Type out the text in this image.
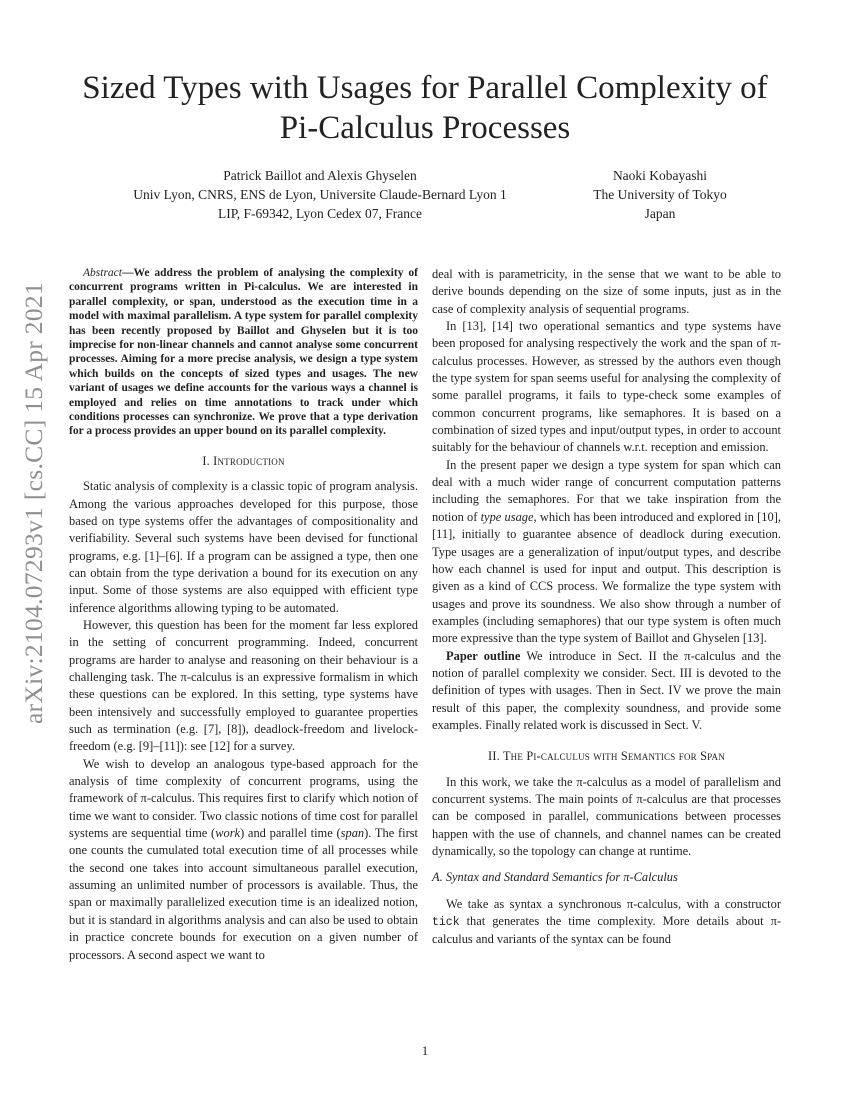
Sized Types with Usages for Parallel Complexity of Pi-Calculus Processes
Patrick Baillot and Alexis Ghyselen
Univ Lyon, CNRS, ENS de Lyon, Universite Claude-Bernard Lyon 1
LIP, F-69342, Lyon Cedex 07, France
Naoki Kobayashi
The University of Tokyo
Japan
arXiv:2104.07293v1 [cs.CC] 15 Apr 2021

Abstract—We address the problem of analysing the complexity of concurrent programs written in Pi-calculus. We are interested in parallel complexity, or span, understood as the execution time in a model with maximal parallelism. A type system for parallel complexity has been recently proposed by Baillot and Ghyselen but it is too imprecise for non-linear channels and cannot analyse some concurrent processes. Aiming for a more precise analysis, we design a type system which builds on the concepts of sized types and usages. The new variant of usages we define accounts for the various ways a channel is employed and relies on time annotations to track under which conditions processes can synchronize. We prove that a type derivation for a process provides an upper bound on its parallel complexity.

I. Introduction

Static analysis of complexity is a classic topic of program analysis. Among the various approaches developed for this purpose, those based on type systems offer the advantages of compositionality and verifiability. Several such systems have been devised for functional programs, e.g. [1]–[6]. If a program can be assigned a type, then one can obtain from the type derivation a bound for its execution on any input. Some of those systems are also equipped with efficient type inference algorithms allowing typing to be automated.

However, this question has been for the moment far less explored in the setting of concurrent programming. Indeed, concurrent programs are harder to analyse and reasoning on their behaviour is a challenging task. The π-calculus is an expressive formalism in which these questions can be explored. In this setting, type systems have been intensively and successfully employed to guarantee properties such as termination (e.g. [7], [8]), deadlock-freedom and livelock-freedom (e.g. [9]–[11]): see [12] for a survey.

We wish to develop an analogous type-based approach for the analysis of time complexity of concurrent programs, using the framework of π-calculus. This requires first to clarify which notion of time we want to consider. Two classic notions of time cost for parallel systems are sequential time (work) and parallel time (span). The first one counts the cumulated total execution time of all processes while the second one takes into account simultaneous parallel execution, assuming an unlimited number of processors is available. Thus, the span or maximally parallelized execution time is an idealized notion, but it is standard in algorithms analysis and can also be used to obtain in practice concrete bounds for execution on a given number of processors. A second aspect we want to

deal with is parametricity, in the sense that we want to be able to derive bounds depending on the size of some inputs, just as in the case of complexity analysis of sequential programs.

In [13], [14] two operational semantics and type systems have been proposed for analysing respectively the work and the span of π-calculus processes. However, as stressed by the authors even though the type system for span seems useful for analysing the complexity of some parallel programs, it fails to type-check some examples of common concurrent programs, like semaphores. It is based on a combination of sized types and input/output types, in order to account suitably for the behaviour of channels w.r.t. reception and emission.

In the present paper we design a type system for span which can deal with a much wider range of concurrent computation patterns including the semaphores. For that we take inspiration from the notion of type usage, which has been introduced and explored in [10], [11], initially to guarantee absence of deadlock during execution. Type usages are a generalization of input/output types, and describe how each channel is used for input and output. This description is given as a kind of CCS process. We formalize the type system with usages and prove its soundness. We also show through a number of examples (including semaphores) that our type system is often much more expressive than the type system of Baillot and Ghyselen [13].

Paper outline We introduce in Sect. II the π-calculus and the notion of parallel complexity we consider. Sect. III is devoted to the definition of types with usages. Then in Sect. IV we prove the main result of this paper, the complexity soundness, and provide some examples. Finally related work is discussed in Sect. V.

II. The Pi-calculus with Semantics for Span

In this work, we take the π-calculus as a model of parallelism and concurrent systems. The main points of π-calculus are that processes can be composed in parallel, communications between processes happen with the use of channels, and channel names can be created dynamically, so the topology can change at runtime.

A. Syntax and Standard Semantics for π-Calculus

We take as syntax a synchronous π-calculus, with a constructor tick that generates the time complexity. More details about π-calculus and variants of the syntax can be found

1
